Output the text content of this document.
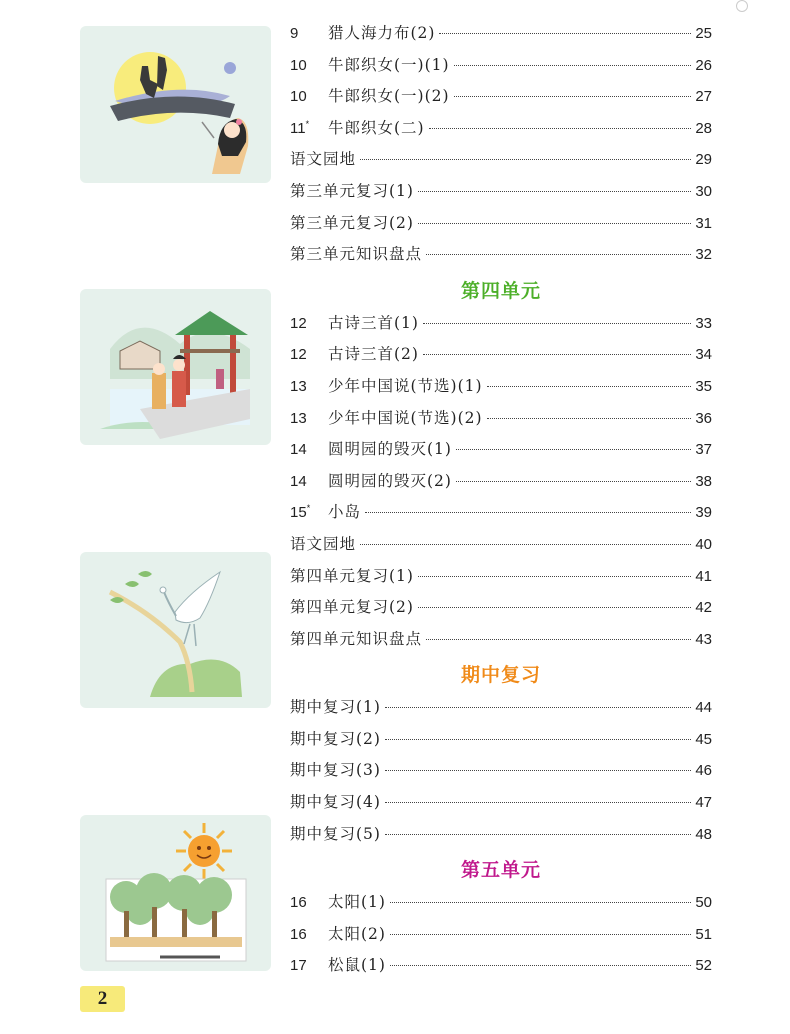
9	猎人海力布(2)	25
10	牛郎织女(一)(1)	26
10	牛郎织女(一)(2)	27
11*	牛郎织女(二)	28
语文园地	29
第三单元复习(1)	30
第三单元复习(2)	31
第三单元知识盘点	32
第四单元
12	古诗三首(1)	33
12	古诗三首(2)	34
13	少年中国说(节选)(1)	35
13	少年中国说(节选)(2)	36
14	圆明园的毁灭(1)	37
14	圆明园的毁灭(2)	38
15*	小岛	39
语文园地	40
第四单元复习(1)	41
第四单元复习(2)	42
第四单元知识盘点	43
期中复习
期中复习(1)	44
期中复习(2)	45
期中复习(3)	46
期中复习(4)	47
期中复习(5)	48
第五单元
16	太阳(1)	50
16	太阳(2)	51
17	松鼠(1)	52
2
